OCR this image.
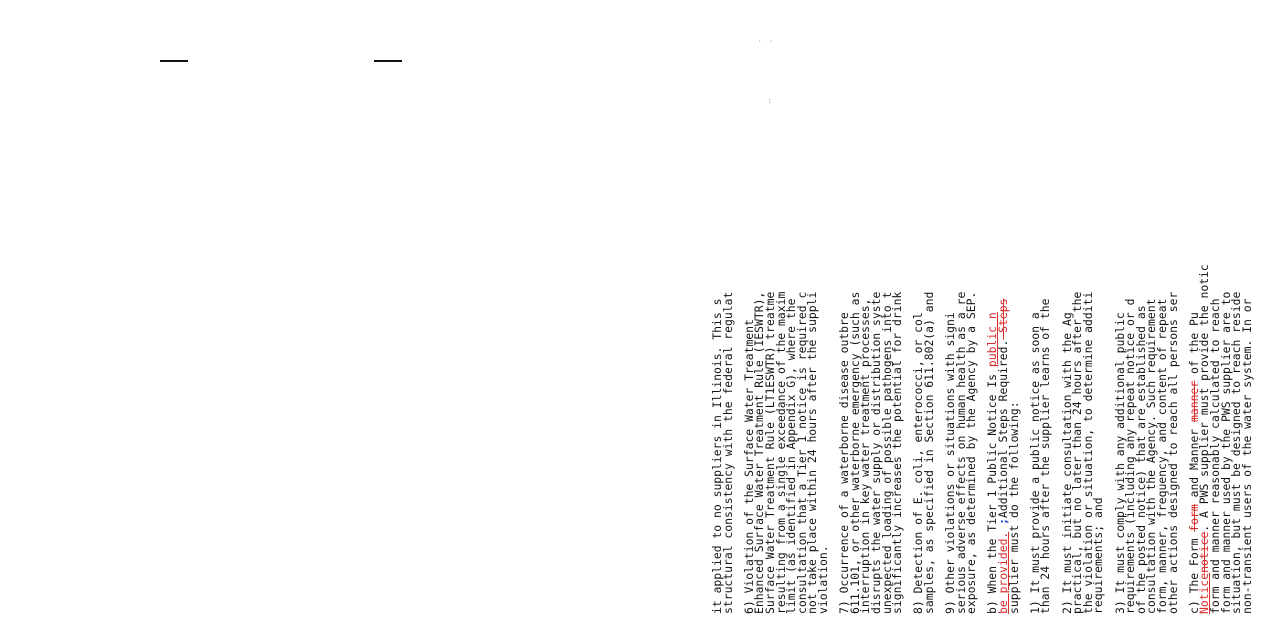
· ·
:
it applied to no suppliers in Illinois. This s
structural consistency with the federal regulat 6) Violation of the Surface Water Treatment
Enhanced Surface Water Treatment Rule (IESWTR),
Surface Water Treatment Rule (LT1ESWTR) treatme
resulting from a single exceedance of the maxim
limit (as identified in Appendix G), where the
consultation that a Tier 1 notice is required c
not take place within 24 hours after the suppli
violation. 7) Occurrence of a waterborne disease outbre
611.101, or other waterborne emergency (such as
interruption in key water treatment processes,
disrupts the water supply or distribution syste
unexpected loading of possible pathogens into t
significantly increases the potential for drink 8) Detection of E. coli, enterococci, or col
samples, as specified in Section 611.802(a) and 9) Other violations or situations with signi
serious adverse effects on human health as a re
exposure, as determined by the Agency by a SEP. b) When the Tier 1 Public Notice Is public n
be provided. ;Additional Steps Required. Steps
supplier must do the following: 1) It must provide a public notice as soon a
than 24 hours after the supplier learns of the 2) It must initiate consultation with the Ag
practical, but no later than 24 hours after the
the violation or situation, to determine additi
requirements; and 3) It must comply with any additional public
requirements (including any repeat notice or d
of the posted notice) that are established as
consultation with the Agency. Such requirement
form, manner, frequency, and content of repeat
other actions designed to reach all persons ser c) The Form form and Manner manner of the Pu
Noticenotice. A PWS supplier must provide the notic
form and manner reasonably calculated to reach
form and manner used by the PWS supplier are to
situation, but must be designed to reach reside
non-transient users of the water system. In or
